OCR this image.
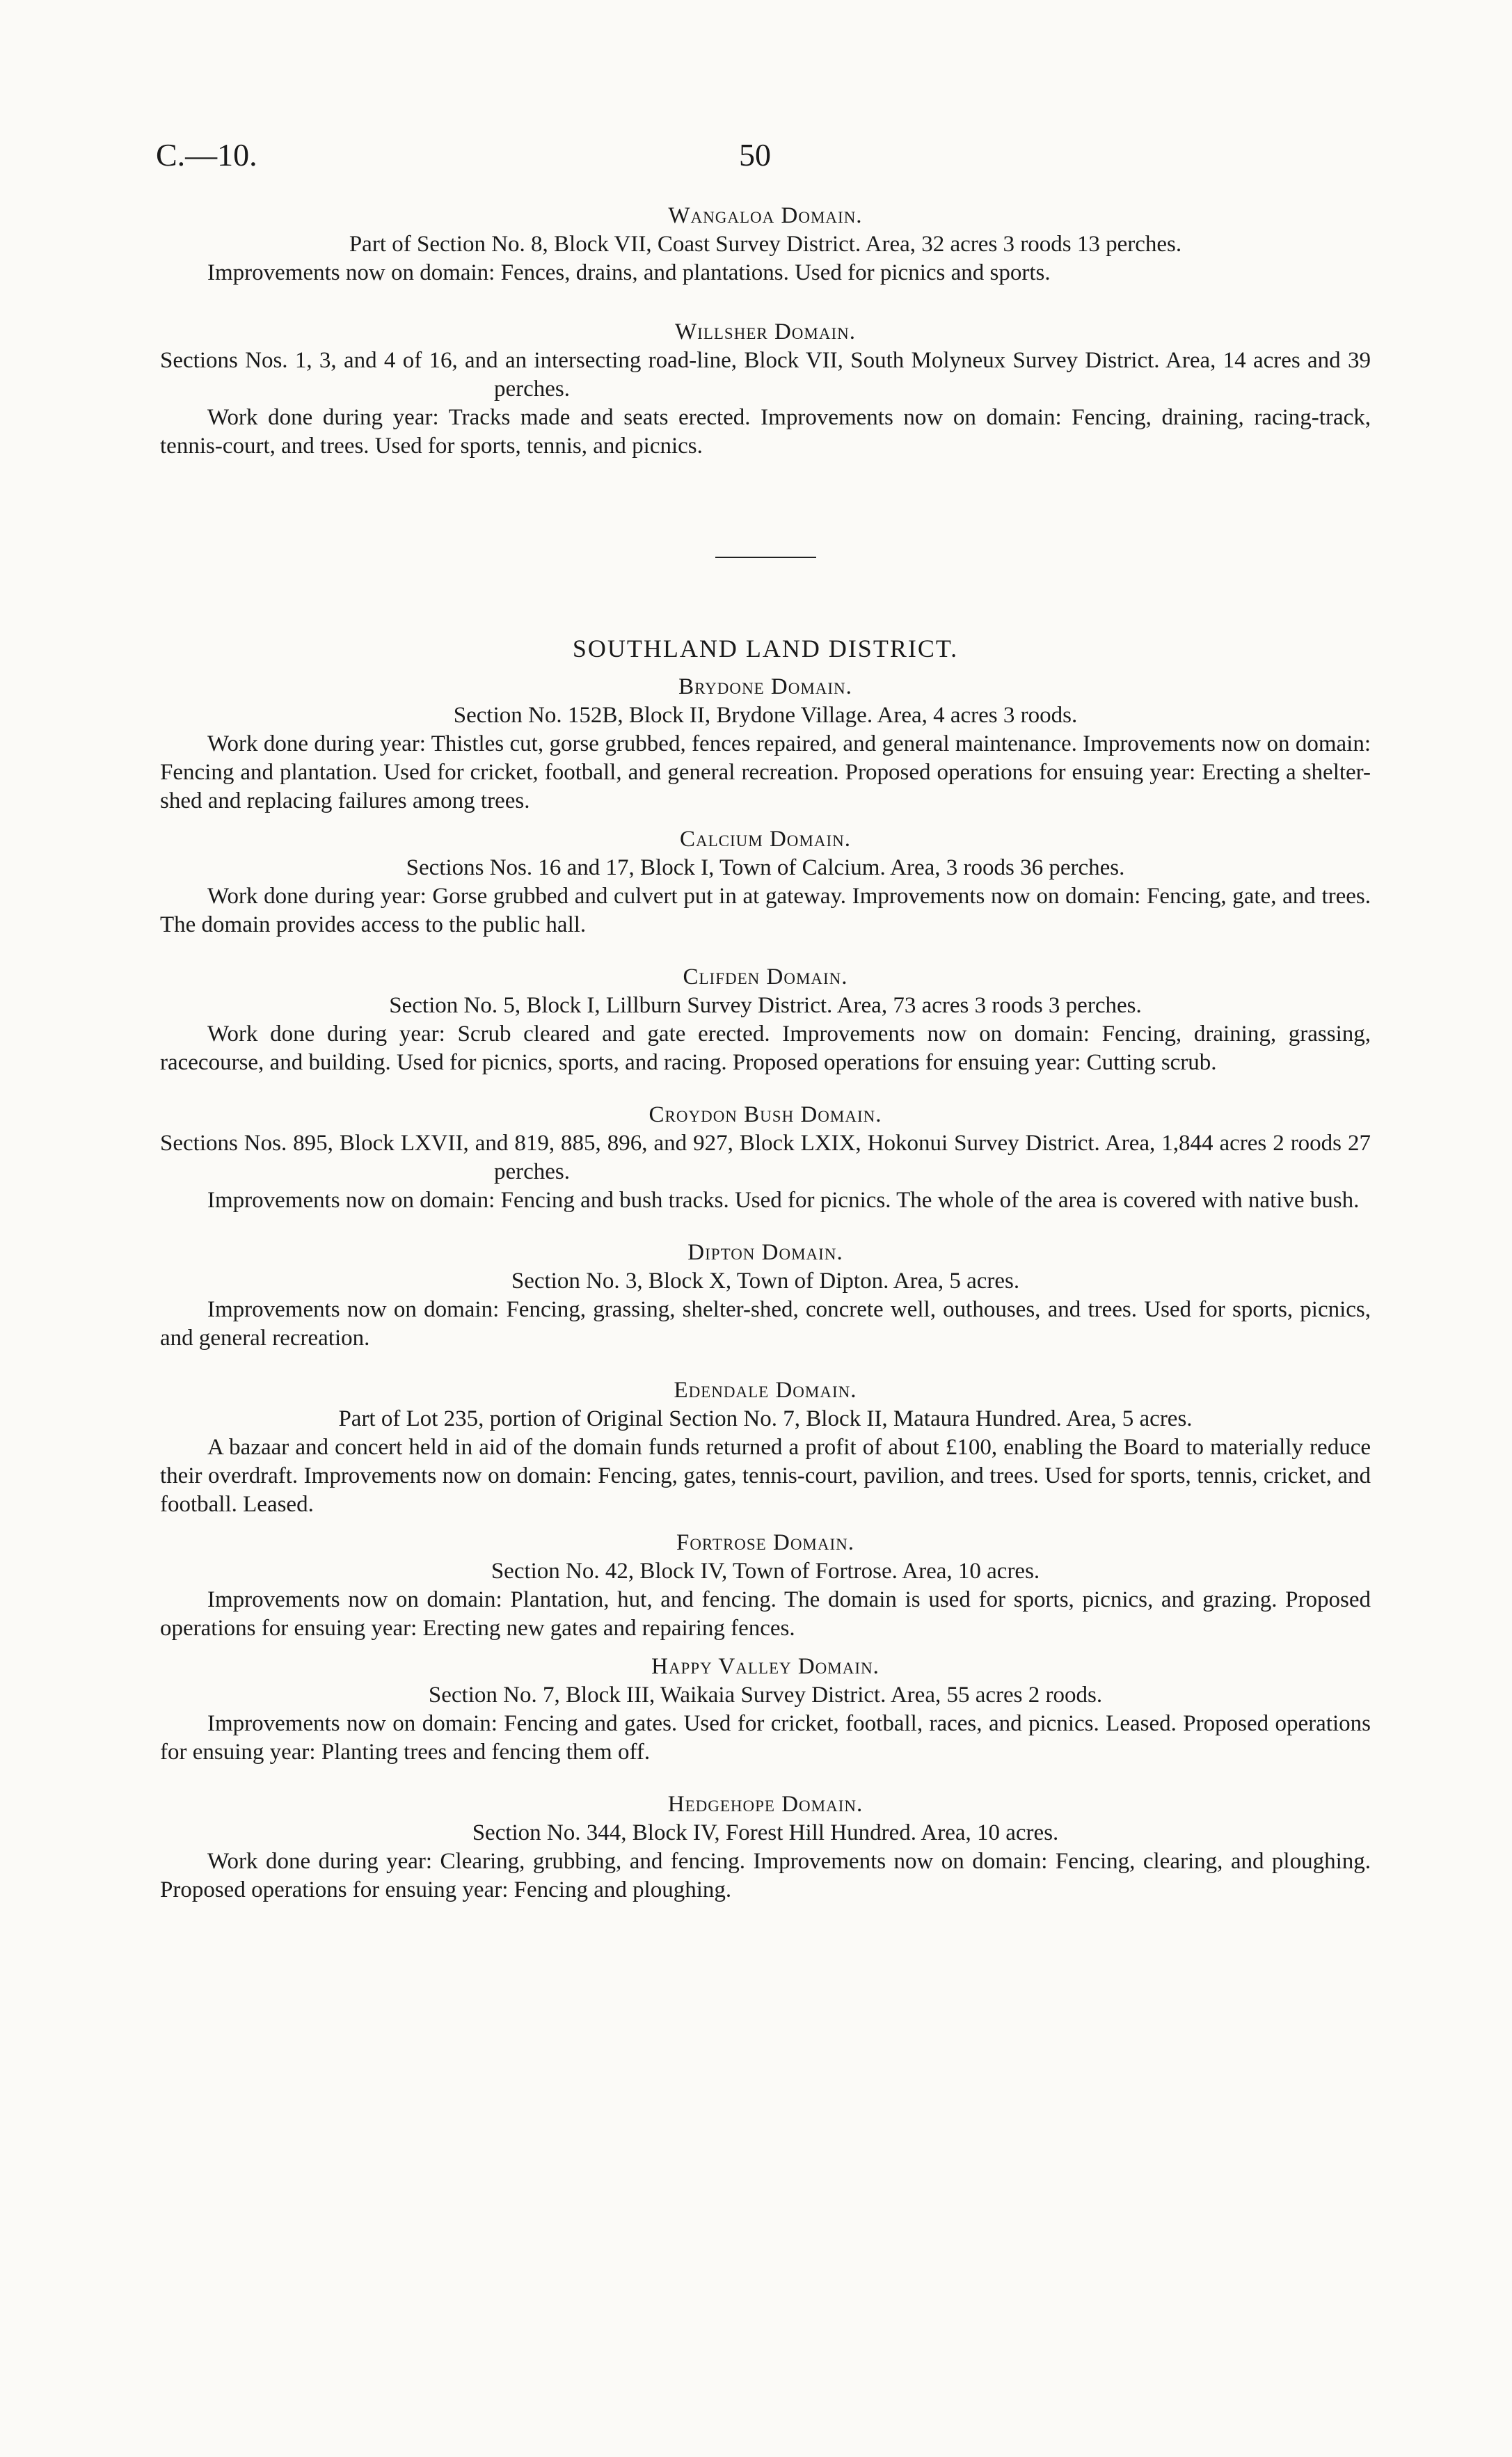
C.—10.	50

Wangaloa Domain.

Part of Section No. 8, Block VII, Coast Survey District. Area, 32 acres 3 roods 13 perches.

Improvements now on domain: Fences, drains, and plantations. Used for picnics and sports.

Willsher Domain.

Sections Nos. 1, 3, and 4 of 16, and an intersecting road-line, Block VII, South Molyneux Survey District. Area, 14 acres and 39 perches.

Work done during year: Tracks made and seats erected. Improvements now on domain: Fencing, draining, racing-track, tennis-court, and trees. Used for sports, tennis, and picnics.

SOUTHLAND LAND DISTRICT.

Brydone Domain.

Section No. 152B, Block II, Brydone Village. Area, 4 acres 3 roods.

Work done during year: Thistles cut, gorse grubbed, fences repaired, and general maintenance. Improvements now on domain: Fencing and plantation. Used for cricket, football, and general recreation. Proposed operations for ensuing year: Erecting a shelter-shed and replacing failures among trees.

Calcium Domain.

Sections Nos. 16 and 17, Block I, Town of Calcium. Area, 3 roods 36 perches.

Work done during year: Gorse grubbed and culvert put in at gateway. Improvements now on domain: Fencing, gate, and trees. The domain provides access to the public hall.

Clifden Domain.

Section No. 5, Block I, Lillburn Survey District. Area, 73 acres 3 roods 3 perches.

Work done during year: Scrub cleared and gate erected. Improvements now on domain: Fencing, draining, grassing, racecourse, and building. Used for picnics, sports, and racing. Proposed operations for ensuing year: Cutting scrub.

Croydon Bush Domain.

Sections Nos. 895, Block LXVII, and 819, 885, 896, and 927, Block LXIX, Hokonui Survey District. Area, 1,844 acres 2 roods 27 perches.

Improvements now on domain: Fencing and bush tracks. Used for picnics. The whole of the area is covered with native bush.

Dipton Domain.

Section No. 3, Block X, Town of Dipton. Area, 5 acres.

Improvements now on domain: Fencing, grassing, shelter-shed, concrete well, outhouses, and trees. Used for sports, picnics, and general recreation.

Edendale Domain.

Part of Lot 235, portion of Original Section No. 7, Block II, Mataura Hundred. Area, 5 acres.

A bazaar and concert held in aid of the domain funds returned a profit of about £100, enabling the Board to materially reduce their overdraft. Improvements now on domain: Fencing, gates, tennis-court, pavilion, and trees. Used for sports, tennis, cricket, and football. Leased.

Fortrose Domain.

Section No. 42, Block IV, Town of Fortrose. Area, 10 acres.

Improvements now on domain: Plantation, hut, and fencing. The domain is used for sports, picnics, and grazing. Proposed operations for ensuing year: Erecting new gates and repairing fences.

Happy Valley Domain.

Section No. 7, Block III, Waikaia Survey District. Area, 55 acres 2 roods.

Improvements now on domain: Fencing and gates. Used for cricket, football, races, and picnics. Leased. Proposed operations for ensuing year: Planting trees and fencing them off.

Hedgehope Domain.

Section No. 344, Block IV, Forest Hill Hundred. Area, 10 acres.

Work done during year: Clearing, grubbing, and fencing. Improvements now on domain: Fencing, clearing, and ploughing. Proposed operations for ensuing year: Fencing and ploughing.
